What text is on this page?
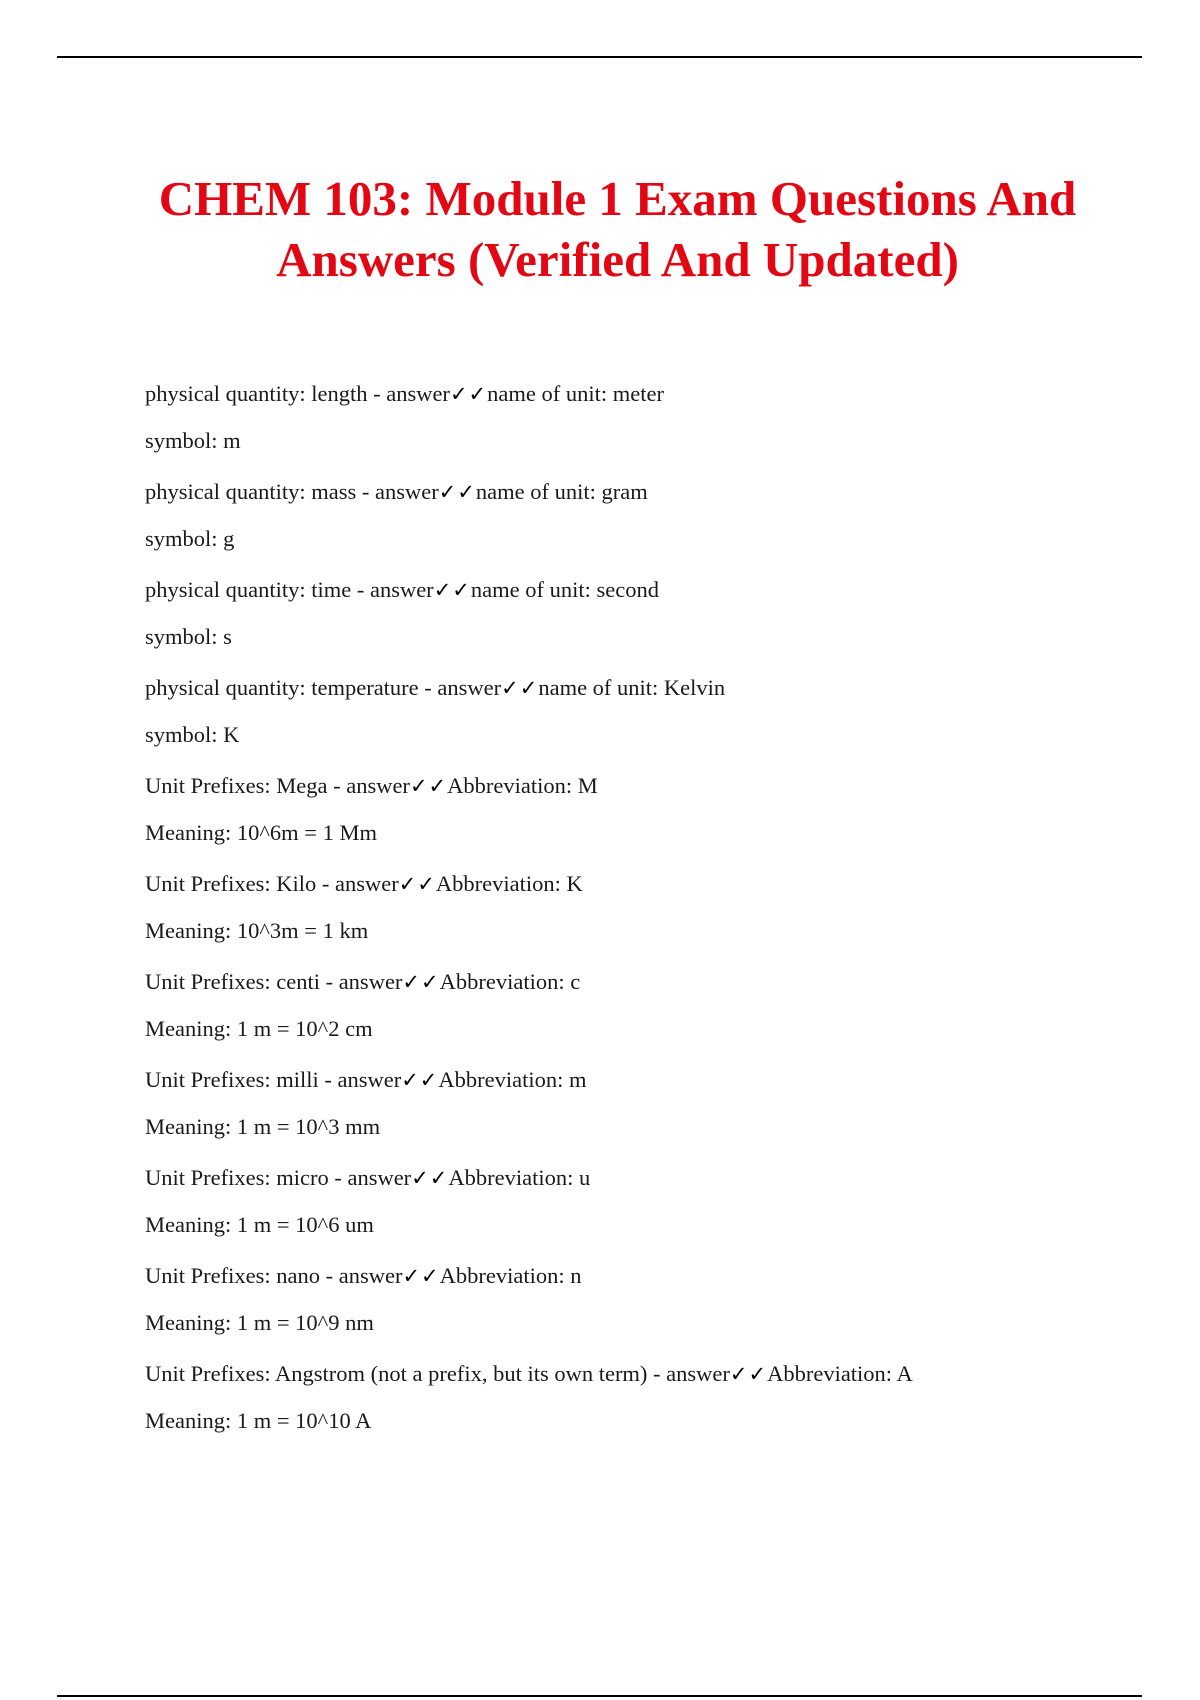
CHEM 103: Module 1 Exam Questions And Answers (Verified And Updated)
physical quantity: length - answer✓✓name of unit: meter
symbol: m
physical quantity: mass - answer✓✓name of unit: gram
symbol: g
physical quantity: time - answer✓✓name of unit: second
symbol: s
physical quantity: temperature - answer✓✓name of unit: Kelvin
symbol: K
Unit Prefixes: Mega - answer✓✓Abbreviation: M
Meaning: 10^6m = 1 Mm
Unit Prefixes: Kilo - answer✓✓Abbreviation: K
Meaning: 10^3m = 1 km
Unit Prefixes: centi - answer✓✓Abbreviation: c
Meaning: 1 m = 10^2 cm
Unit Prefixes: milli - answer✓✓Abbreviation: m
Meaning: 1 m = 10^3 mm
Unit Prefixes: micro - answer✓✓Abbreviation: u
Meaning: 1 m = 10^6 um
Unit Prefixes: nano - answer✓✓Abbreviation: n
Meaning: 1 m = 10^9 nm
Unit Prefixes: Angstrom (not a prefix, but its own term) - answer✓✓Abbreviation: A
Meaning: 1 m = 10^10 A
